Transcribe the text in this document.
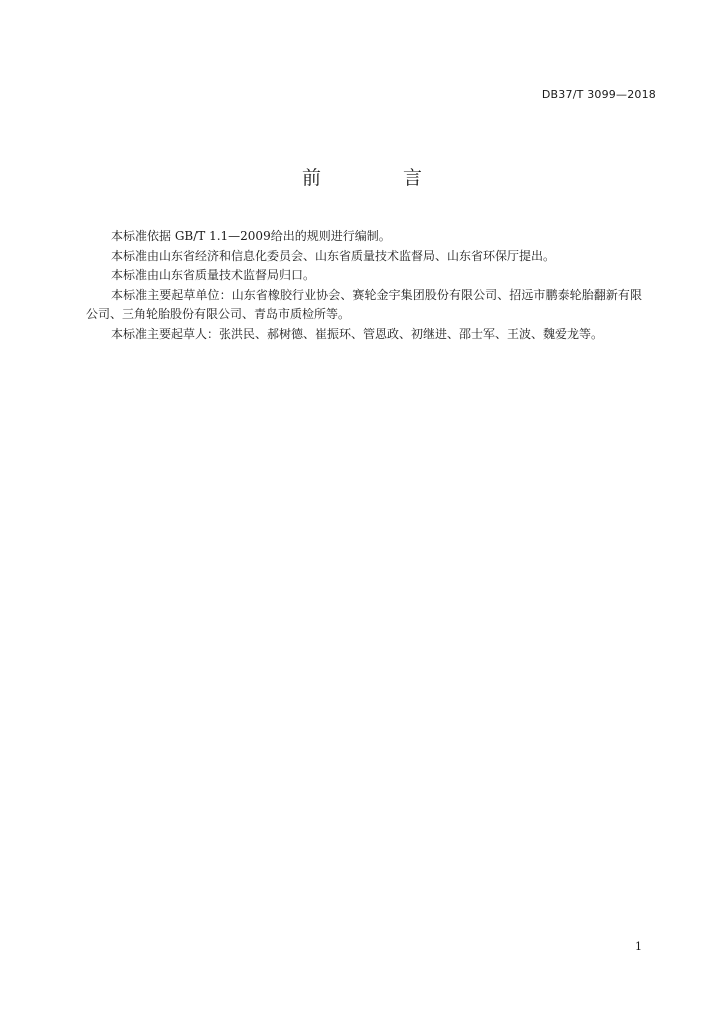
DB37/T 3099—2018
前 言

本标准依据 GB/T 1.1—2009给出的规则进行编制。

本标准由山东省经济和信息化委员会、山东省质量技术监督局、山东省环保厅提出。

本标准由山东省质量技术监督局归口。

本标准主要起草单位：山东省橡胶行业协会、赛轮金宇集团股份有限公司、招远市鹏泰轮胎翻新有限公司、三角轮胎股份有限公司、青岛市质检所等。

本标准主要起草人：张洪民、郝树德、崔振环、管恩政、初继进、邵士军、王波、魏爱龙等。

1
